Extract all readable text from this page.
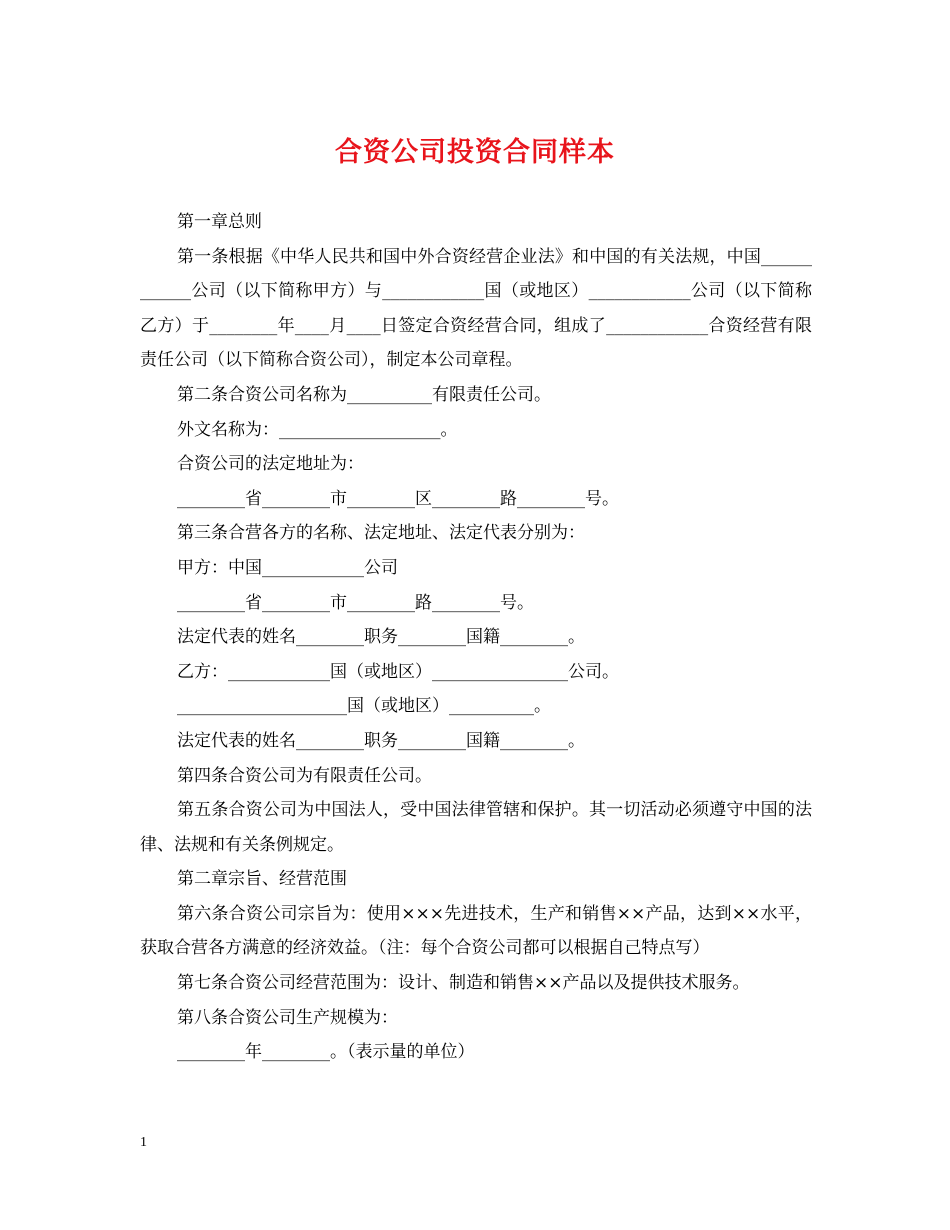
合资公司投资合同样本

第一章总则

第一条根据《中华人民共和国中外合资经营企业法》和中国的有关法规，中国____________公司（以下简称甲方）与____________国（或地区）____________公司（以下简称乙方）于________年____月____日签定合资经营合同，组成了____________合资经营有限责任公司（以下简称合资公司），制定本公司章程。

第二条合资公司名称为__________有限责任公司。

外文名称为：___________________。

合资公司的法定地址为：

________省________市________区________路________号。

第三条合营各方的名称、法定地址、法定代表分别为：

甲方：中国____________公司

________省________市________路________号。

法定代表的姓名________职务________国籍________。

乙方：____________国（或地区）________________公司。

____________________国（或地区）__________。

法定代表的姓名________职务________国籍________。

第四条合资公司为有限责任公司。

第五条合资公司为中国法人，受中国法律管辖和保护。其一切活动必须遵守中国的法律、法规和有关条例规定。

第二章宗旨、经营范围

第六条合资公司宗旨为：使用×××先进技术，生产和销售××产品，达到××水平，获取合营各方满意的经济效益。（注：每个合资公司都可以根据自己特点写）

第七条合资公司经营范围为：设计、制造和销售××产品以及提供技术服务。

第八条合资公司生产规模为：

________年________。（表示量的单位）

1
